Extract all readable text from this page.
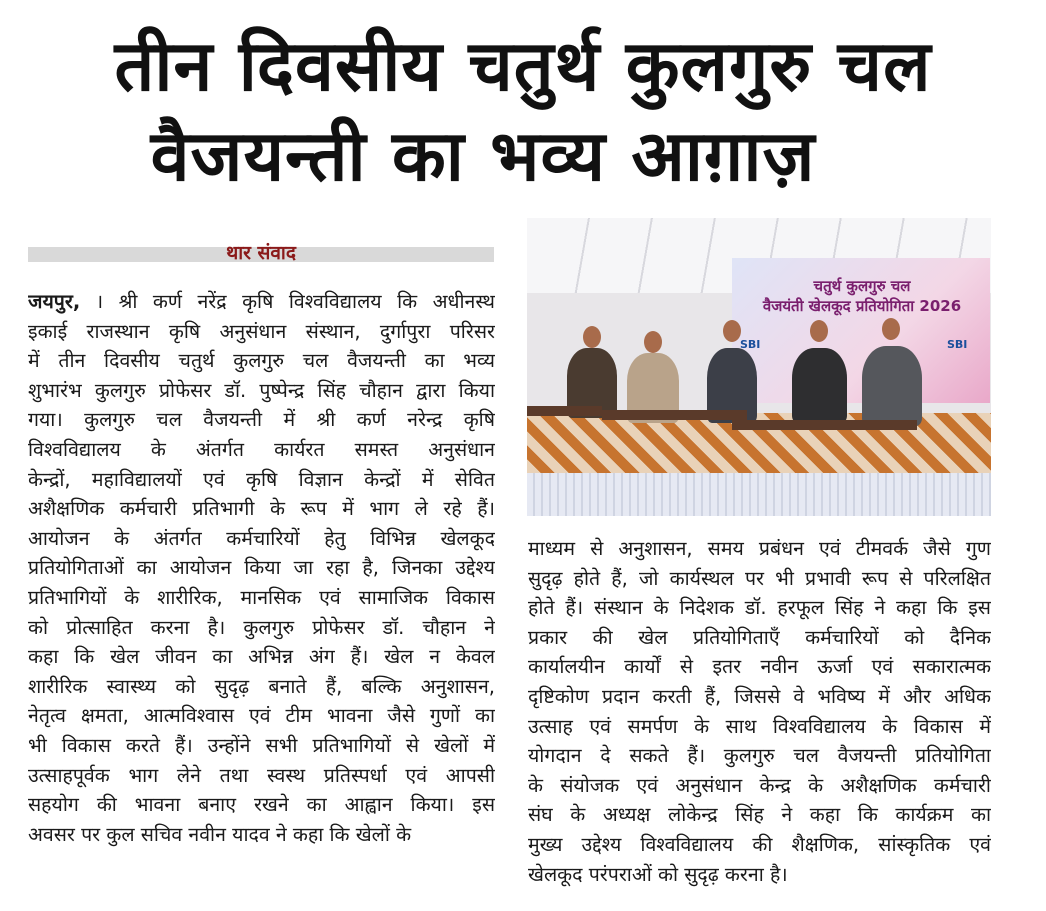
तीन दिवसीय चतुर्थ कुलगुरु चल
वैजयन्ती का भव्य आग़ाज़
थार संवाद
जयपुर, । श्री कर्ण नरेंद्र कृषि विश्वविद्यालय कि अधीनस्थ
इकाई राजस्थान कृषि अनुसंधान संस्थान, दुर्गापुरा परिसर
में तीन दिवसीय चतुर्थ कुलगुरु चल वैजयन्ती का भव्य
शुभारंभ कुलगुरु प्रोफेसर डॉ. पुष्पेन्द्र सिंह चौहान द्वारा किया
गया। कुलगुरु चल वैजयन्ती में श्री कर्ण नरेन्द्र कृषि
विश्वविद्यालय के अंतर्गत कार्यरत समस्त अनुसंधान
केन्द्रों, महाविद्यालयों एवं कृषि विज्ञान केन्द्रों में सेवित
अशैक्षणिक कर्मचारी प्रतिभागी के रूप में भाग ले रहे हैं।
आयोजन के अंतर्गत कर्मचारियों हेतु विभिन्न खेलकूद
प्रतियोगिताओं का आयोजन किया जा रहा है, जिनका उद्देश्य
प्रतिभागियों के शारीरिक, मानसिक एवं सामाजिक विकास
को प्रोत्साहित करना है। कुलगुरु प्रोफेसर डॉ. चौहान ने
कहा कि खेल जीवन का अभिन्न अंग हैं। खेल न केवल
शारीरिक स्वास्थ्य को सुदृढ़ बनाते हैं, बल्कि अनुशासन,
नेतृत्व क्षमता, आत्मविश्वास एवं टीम भावना जैसे गुणों का
भी विकास करते हैं। उन्होंने सभी प्रतिभागियों से खेलों में
उत्साहपूर्वक भाग लेने तथा स्वस्थ प्रतिस्पर्धा एवं आपसी
सहयोग की भावना बनाए रखने का आह्वान किया। इस
अवसर पर कुल सचिव नवीन यादव ने कहा कि खेलों के
माध्यम से अनुशासन, समय प्रबंधन एवं टीमवर्क जैसे गुण
सुदृढ़ होते हैं, जो कार्यस्थल पर भी प्रभावी रूप से परिलक्षित
होते हैं। संस्थान के निदेशक डॉ. हरफूल सिंह ने कहा कि इस
प्रकार की खेल प्रतियोगिताएँ कर्मचारियों को दैनिक
कार्यालयीन कार्यों से इतर नवीन ऊर्जा एवं सकारात्मक
दृष्टिकोण प्रदान करती हैं, जिससे वे भविष्य में और अधिक
उत्साह एवं समर्पण के साथ विश्वविद्यालय के विकास में
योगदान दे सकते हैं। कुलगुरु चल वैजयन्ती प्रतियोगिता
के संयोजक एवं अनुसंधान केन्द्र के अशैक्षणिक कर्मचारी
संघ के अध्यक्ष लोकेन्द्र सिंह ने कहा कि कार्यक्रम का
मुख्य उद्देश्य विश्वविद्यालय की शैक्षणिक, सांस्कृतिक एवं
खेलकूद परंपराओं को सुदृढ़ करना है।
चतुर्थ कुलगुरु चल
वैजयंती खेलकूद प्रतियोगिता 2026
SBI	SBI
